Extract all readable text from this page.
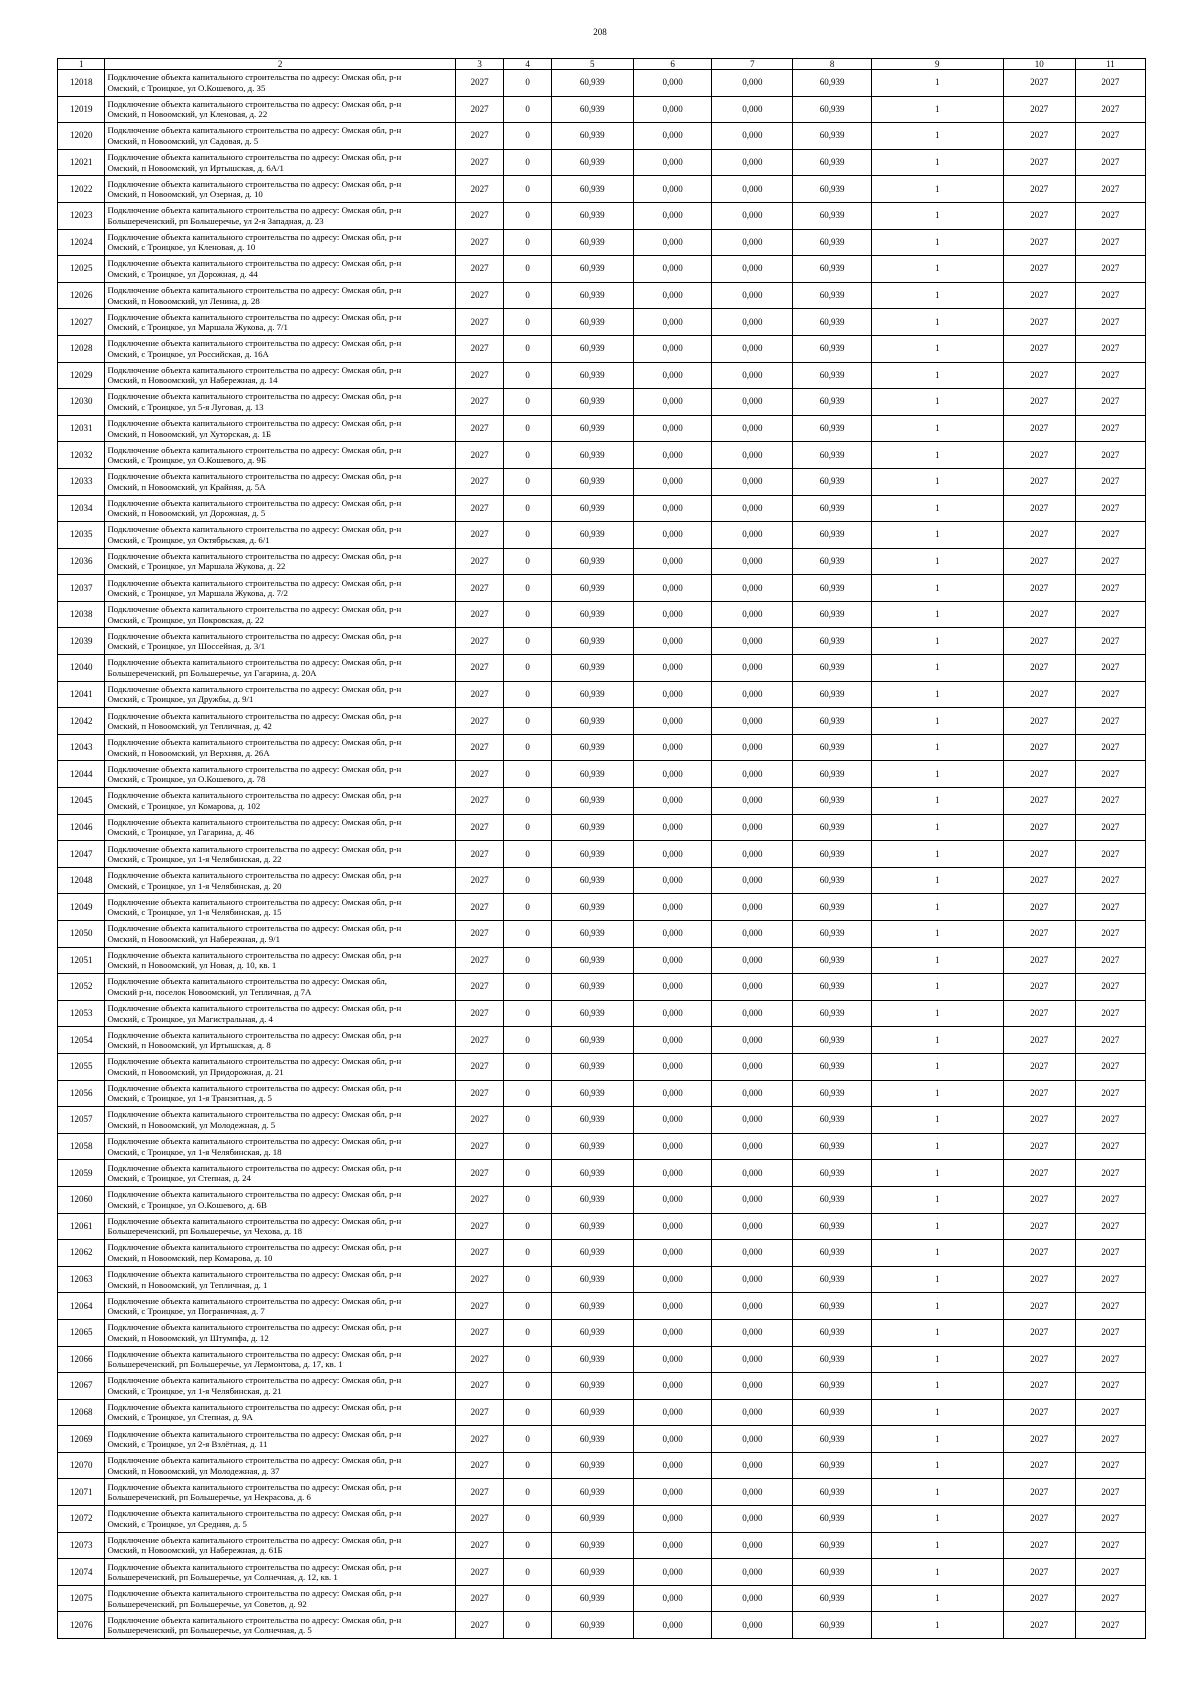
208
1	2	3	4	5	6	7	8	9	10	11
12018	Подключение объекта капитального строительства по адресу: Омская обл, р-н
Омский, с Троицкое, ул О.Кошевого, д. 35	2027	0	60,939	0,000	0,000	60,939	1	2027	2027
12019	Подключение объекта капитального строительства по адресу: Омская обл, р-н
Омский, п Новоомский, ул Кленовая, д. 22	2027	0	60,939	0,000	0,000	60,939	1	2027	2027
12020	Подключение объекта капитального строительства по адресу: Омская обл, р-н
Омский, п Новоомский, ул Садовая, д. 5	2027	0	60,939	0,000	0,000	60,939	1	2027	2027
12021	Подключение объекта капитального строительства по адресу: Омская обл, р-н
Омский, п Новоомский, ул Иртышская, д. 6А/1	2027	0	60,939	0,000	0,000	60,939	1	2027	2027
12022	Подключение объекта капитального строительства по адресу: Омская обл, р-н
Омский, п Новоомский, ул Озерная, д. 10	2027	0	60,939	0,000	0,000	60,939	1	2027	2027
12023	Подключение объекта капитального строительства по адресу: Омская обл, р-н
Большереченский, рп Большеречье, ул 2-я Западная, д. 23	2027	0	60,939	0,000	0,000	60,939	1	2027	2027
12024	Подключение объекта капитального строительства по адресу: Омская обл, р-н
Омский, с Троицкое, ул Кленовая, д. 10	2027	0	60,939	0,000	0,000	60,939	1	2027	2027
12025	Подключение объекта капитального строительства по адресу: Омская обл, р-н
Омский, с Троицкое, ул Дорожная, д. 44	2027	0	60,939	0,000	0,000	60,939	1	2027	2027
12026	Подключение объекта капитального строительства по адресу: Омская обл, р-н
Омский, п Новоомский, ул Ленина, д. 28	2027	0	60,939	0,000	0,000	60,939	1	2027	2027
12027	Подключение объекта капитального строительства по адресу: Омская обл, р-н
Омский, с Троицкое, ул Маршала Жукова, д. 7/1	2027	0	60,939	0,000	0,000	60,939	1	2027	2027
12028	Подключение объекта капитального строительства по адресу: Омская обл, р-н
Омский, с Троицкое, ул Российская, д. 16А	2027	0	60,939	0,000	0,000	60,939	1	2027	2027
12029	Подключение объекта капитального строительства по адресу: Омская обл, р-н
Омский, п Новоомский, ул Набережная, д. 14	2027	0	60,939	0,000	0,000	60,939	1	2027	2027
12030	Подключение объекта капитального строительства по адресу: Омская обл, р-н
Омский, с Троицкое, ул 5-я Луговая, д. 13	2027	0	60,939	0,000	0,000	60,939	1	2027	2027
12031	Подключение объекта капитального строительства по адресу: Омская обл, р-н
Омский, п Новоомский, ул Хуторская, д. 1Б	2027	0	60,939	0,000	0,000	60,939	1	2027	2027
12032	Подключение объекта капитального строительства по адресу: Омская обл, р-н
Омский, с Троицкое, ул О.Кошевого, д. 9Б	2027	0	60,939	0,000	0,000	60,939	1	2027	2027
12033	Подключение объекта капитального строительства по адресу: Омская обл, р-н
Омский, п Новоомский, ул Крайняя, д. 5А	2027	0	60,939	0,000	0,000	60,939	1	2027	2027
12034	Подключение объекта капитального строительства по адресу: Омская обл, р-н
Омский, п Новоомский, ул Дорожная, д. 5	2027	0	60,939	0,000	0,000	60,939	1	2027	2027
12035	Подключение объекта капитального строительства по адресу: Омская обл, р-н
Омский, с Троицкое, ул Октябрьская, д. 6/1	2027	0	60,939	0,000	0,000	60,939	1	2027	2027
12036	Подключение объекта капитального строительства по адресу: Омская обл, р-н
Омский, с Троицкое, ул Маршала Жукова, д. 22	2027	0	60,939	0,000	0,000	60,939	1	2027	2027
12037	Подключение объекта капитального строительства по адресу: Омская обл, р-н
Омский, с Троицкое, ул Маршала Жукова, д. 7/2	2027	0	60,939	0,000	0,000	60,939	1	2027	2027
12038	Подключение объекта капитального строительства по адресу: Омская обл, р-н
Омский, с Троицкое, ул Покровская, д. 22	2027	0	60,939	0,000	0,000	60,939	1	2027	2027
12039	Подключение объекта капитального строительства по адресу: Омская обл, р-н
Омский, с Троицкое, ул Шоссейная, д. 3/1	2027	0	60,939	0,000	0,000	60,939	1	2027	2027
12040	Подключение объекта капитального строительства по адресу: Омская обл, р-н
Большереченский, рп Большеречье, ул Гагарина, д. 20А	2027	0	60,939	0,000	0,000	60,939	1	2027	2027
12041	Подключение объекта капитального строительства по адресу: Омская обл, р-н
Омский, с Троицкое, ул Дружбы, д. 9/1	2027	0	60,939	0,000	0,000	60,939	1	2027	2027
12042	Подключение объекта капитального строительства по адресу: Омская обл, р-н
Омский, п Новоомский, ул Тепличная, д. 42	2027	0	60,939	0,000	0,000	60,939	1	2027	2027
12043	Подключение объекта капитального строительства по адресу: Омская обл, р-н
Омский, п Новоомский, ул Верхняя, д. 26А	2027	0	60,939	0,000	0,000	60,939	1	2027	2027
12044	Подключение объекта капитального строительства по адресу: Омская обл, р-н
Омский, с Троицкое, ул О.Кошевого, д. 78	2027	0	60,939	0,000	0,000	60,939	1	2027	2027
12045	Подключение объекта капитального строительства по адресу: Омская обл, р-н
Омский, с Троицкое, ул Комарова, д. 102	2027	0	60,939	0,000	0,000	60,939	1	2027	2027
12046	Подключение объекта капитального строительства по адресу: Омская обл, р-н
Омский, с Троицкое, ул Гагарина, д. 46	2027	0	60,939	0,000	0,000	60,939	1	2027	2027
12047	Подключение объекта капитального строительства по адресу: Омская обл, р-н
Омский, с Троицкое, ул 1-я Челябинская, д. 22	2027	0	60,939	0,000	0,000	60,939	1	2027	2027
12048	Подключение объекта капитального строительства по адресу: Омская обл, р-н
Омский, с Троицкое, ул 1-я Челябинская, д. 20	2027	0	60,939	0,000	0,000	60,939	1	2027	2027
12049	Подключение объекта капитального строительства по адресу: Омская обл, р-н
Омский, с Троицкое, ул 1-я Челябинская, д. 15	2027	0	60,939	0,000	0,000	60,939	1	2027	2027
12050	Подключение объекта капитального строительства по адресу: Омская обл, р-н
Омский, п Новоомский, ул Набережная, д. 9/1	2027	0	60,939	0,000	0,000	60,939	1	2027	2027
12051	Подключение объекта капитального строительства по адресу: Омская обл, р-н
Омский, п Новоомский, ул Новая, д. 10, кв. 1	2027	0	60,939	0,000	0,000	60,939	1	2027	2027
12052	Подключение объекта капитального строительства по адресу: Омская обл,
Омский р-н, поселок Новоомский, ул Тепличная, д 7А	2027	0	60,939	0,000	0,000	60,939	1	2027	2027
12053	Подключение объекта капитального строительства по адресу: Омская обл, р-н
Омский, с Троицкое, ул Магистральная, д. 4	2027	0	60,939	0,000	0,000	60,939	1	2027	2027
12054	Подключение объекта капитального строительства по адресу: Омская обл, р-н
Омский, п Новоомский, ул Иртышская, д. 8	2027	0	60,939	0,000	0,000	60,939	1	2027	2027
12055	Подключение объекта капитального строительства по адресу: Омская обл, р-н
Омский, п Новоомский, ул Придорожная, д. 21	2027	0	60,939	0,000	0,000	60,939	1	2027	2027
12056	Подключение объекта капитального строительства по адресу: Омская обл, р-н
Омский, с Троицкое, ул 1-я Транзитная, д. 5	2027	0	60,939	0,000	0,000	60,939	1	2027	2027
12057	Подключение объекта капитального строительства по адресу: Омская обл, р-н
Омский, п Новоомский, ул Молодежная, д. 5	2027	0	60,939	0,000	0,000	60,939	1	2027	2027
12058	Подключение объекта капитального строительства по адресу: Омская обл, р-н
Омский, с Троицкое, ул 1-я Челябинская, д. 18	2027	0	60,939	0,000	0,000	60,939	1	2027	2027
12059	Подключение объекта капитального строительства по адресу: Омская обл, р-н
Омский, с Троицкое, ул Степная, д. 24	2027	0	60,939	0,000	0,000	60,939	1	2027	2027
12060	Подключение объекта капитального строительства по адресу: Омская обл, р-н
Омский, с Троицкое, ул О.Кошевого, д. 6В	2027	0	60,939	0,000	0,000	60,939	1	2027	2027
12061	Подключение объекта капитального строительства по адресу: Омская обл, р-н
Большереченский, рп Большеречье, ул Чехова, д. 18	2027	0	60,939	0,000	0,000	60,939	1	2027	2027
12062	Подключение объекта капитального строительства по адресу: Омская обл, р-н
Омский, п Новоомский, пер Комарова, д. 10	2027	0	60,939	0,000	0,000	60,939	1	2027	2027
12063	Подключение объекта капитального строительства по адресу: Омская обл, р-н
Омский, п Новоомский, ул Тепличная, д. 1	2027	0	60,939	0,000	0,000	60,939	1	2027	2027
12064	Подключение объекта капитального строительства по адресу: Омская обл, р-н
Омский, с Троицкое, ул Пограничная, д. 7	2027	0	60,939	0,000	0,000	60,939	1	2027	2027
12065	Подключение объекта капитального строительства по адресу: Омская обл, р-н
Омский, п Новоомский, ул Штумпфа, д. 12	2027	0	60,939	0,000	0,000	60,939	1	2027	2027
12066	Подключение объекта капитального строительства по адресу: Омская обл, р-н
Большереченский, рп Большеречье, ул Лермонтова, д. 17, кв. 1	2027	0	60,939	0,000	0,000	60,939	1	2027	2027
12067	Подключение объекта капитального строительства по адресу: Омская обл, р-н
Омский, с Троицкое, ул 1-я Челябинская, д. 21	2027	0	60,939	0,000	0,000	60,939	1	2027	2027
12068	Подключение объекта капитального строительства по адресу: Омская обл, р-н
Омский, с Троицкое, ул Степная, д. 9А	2027	0	60,939	0,000	0,000	60,939	1	2027	2027
12069	Подключение объекта капитального строительства по адресу: Омская обл, р-н
Омский, с Троицкое, ул 2-я Взлётная, д. 11	2027	0	60,939	0,000	0,000	60,939	1	2027	2027
12070	Подключение объекта капитального строительства по адресу: Омская обл, р-н
Омский, п Новоомский, ул Молодежная, д. 37	2027	0	60,939	0,000	0,000	60,939	1	2027	2027
12071	Подключение объекта капитального строительства по адресу: Омская обл, р-н
Большереченский, рп Большеречье, ул Некрасова, д. 6	2027	0	60,939	0,000	0,000	60,939	1	2027	2027
12072	Подключение объекта капитального строительства по адресу: Омская обл, р-н
Омский, с Троицкое, ул Средняя, д. 5	2027	0	60,939	0,000	0,000	60,939	1	2027	2027
12073	Подключение объекта капитального строительства по адресу: Омская обл, р-н
Омский, п Новоомский, ул Набережная, д. 61Б	2027	0	60,939	0,000	0,000	60,939	1	2027	2027
12074	Подключение объекта капитального строительства по адресу: Омская обл, р-н
Большереченский, рп Большеречье, ул Солнечная, д. 12, кв. 1	2027	0	60,939	0,000	0,000	60,939	1	2027	2027
12075	Подключение объекта капитального строительства по адресу: Омская обл, р-н
Большереченский, рп Большеречье, ул Советов, д. 92	2027	0	60,939	0,000	0,000	60,939	1	2027	2027
12076	Подключение объекта капитального строительства по адресу: Омская обл, р-н
Большереченский, рп Большеречье, ул Солнечная, д. 5	2027	0	60,939	0,000	0,000	60,939	1	2027	2027
